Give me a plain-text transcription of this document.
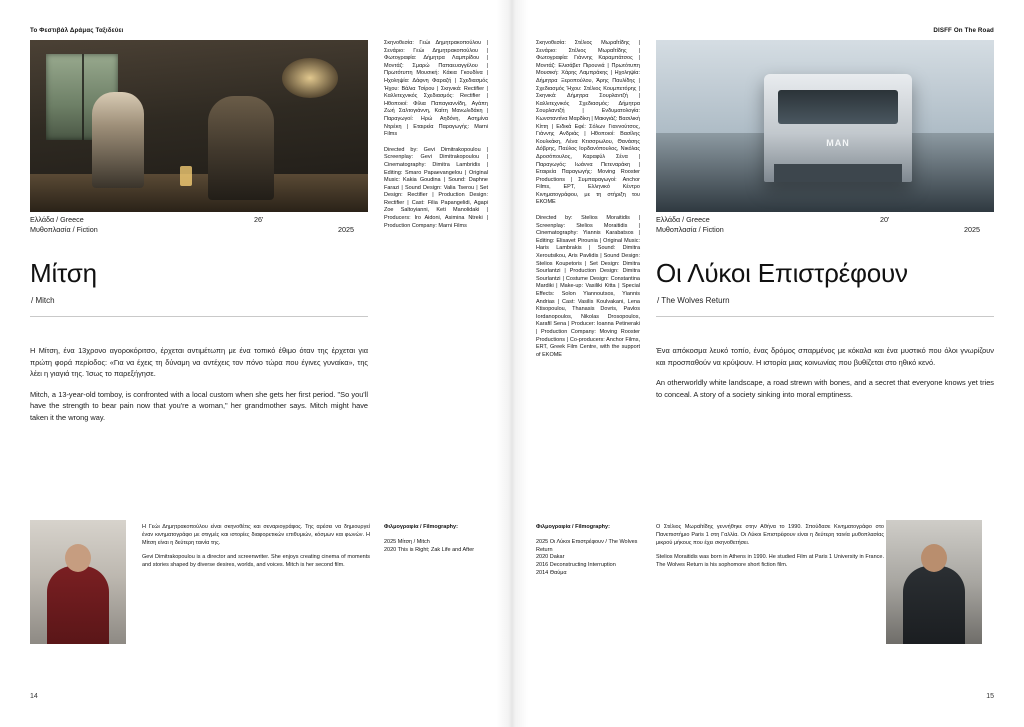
Το Φεστιβάλ Δράμας Ταξιδεύει
Ελλάδα / Greece
Μυθοπλασία / Fiction
26'
2025
Μίτση
/ Mitch

Η Μίτση, ένα 13χρονο αγοροκόριτσο, έρχεται αντιμέτωπη με ένα τοπικό έθιμο όταν της έρχεται για πρώτη φορά περίοδος: «Για να έχεις τη δύναμη να αντέχεις τον πόνο τώρα που έγινες γυναίκα», της λέει η γιαγιά της. Ίσως το παρεξήγησε.

Mitch, a 13-year-old tomboy, is confronted with a local custom when she gets her first period. "So you'll have the strength to bear pain now that you're a woman," her grandmother says. Mitch might have taken it the wrong way.

Σκηνοθεσία: Γεώι Δημητρακοπούλου | Σενάριο: Γεώι Δημητρακοπούλου | Φωτογραφία: Δήμητρα Λαμπρίδου | Μοντάζ: Σμαρώ Παπαευαγγέλου | Πρωτότυπη Μουσική: Κάκια Γκουδίνα | Ηχοληψία: Δάφνη Φαραζή | Σχεδιασμός Ήχου: Βάλια Τσίρου | Σκηνικά: Rectifier | Καλλιτεχνικός Σχεδιασμός: Rectifier | Ηθοποιοί: Φίλια Παπαγιαννίδη, Αγάπη Ζωή Σαλτογιάννη, Καίτη Μανωλιδάκη | Παραγωγοί: Ηρώ Αηδόνη, Ασημίνα Ντρέκη | Εταιρεία Παραγωγής: Marni Films

Directed by: Gevi Dimitrakopoulou | Screenplay: Gevi Dimitrakopoulou | Cinematography: Dimitra Lambridis | Editing: Smaro Papaevangelou | Original Music: Kakia Goudina | Sound: Daphne Farazi | Sound Design: Valia Tserou | Set Design: Rectifier | Production Design: Rectifier | Cast: Filia Papangelidi, Agapi Zoe Saltoyianni, Keti Manolidaki | Producers: Iro Aidoni, Asimina Ntreki | Production Company: Marni Films

Η Γεώι Δημητρακοπούλου είναι σκηνοθέτις και σεναριογράφος. Της αρέσει να δημιουργεί έναν κινηματογράφο με στιγμές και ιστορίες διαφορετικών επιθυμιών, κόσμων και φωνών. Η Μίτση είναι η δεύτερη ταινία της.

Gevi Dimitrakopoulou is a director and screenwriter. She enjoys creating cinema of moments and stories shaped by diverse desires, worlds, and voices. Mitch is her second film.

Φιλμογραφία / Filmography:
2025 Μίτση / Mitch
2020 This is Right; Zak Life and After
14
DISFF On The Road
MAN
Ελλάδα / Greece
Μυθοπλασία / Fiction
20'
2025
Οι Λύκοι Επιστρέφουν
/ The Wolves Return

Ένα απόκοσμα λευκό τοπίο, ένας δρόμος σπαρμένος με κόκαλα και ένα μυστικό που όλοι γνωρίζουν και προσπαθούν να κρύψουν. Η ιστορία μιας κοινωνίας που βυθίζεται στο ηθικό κενό.

An otherworldly white landscape, a road strewn with bones, and a secret that everyone knows yet tries to conceal. A story of a society sinking into moral emptiness.

Σκηνοθεσία: Στέλιος Μωραΐτίδης | Σενάριο: Στέλιος Μωραΐτίδης | Φωτογραφία: Γιάννης Καραμπάτσος | Μοντάζ: Ελισάβετ Πιρουνιά | Πρωτότυπη Μουσική: Χάρης Λαμπράκης | Ηχοληψία: Δήμητρα Ξεροπούλου, Άρης Παυλίδης | Σχεδιασμός Ήχου: Στέλιος Κουμπετόρης | Σκηνικά: Δήμητρα Σουρλαντζή | Καλλιτεχνικός Σχεδιασμός: Δήμητρα Σουρλαντζή | Ενδυματολογία: Κωνσταντίνα Μαρδίκη | Μακιγιάζ: Βασιλική Κίττη | Ειδικά Εφέ: Σόλων Γιαννούτσος, Γιάννης Ανδριάς | Ηθοποιοί: Βασίλης Κουλκάκη, Λένα Κτισσρωλου, Θανάσης Δόβρης, Παύλος Ιορδανόπουλος, Νικόλας Δροσόπουλος, Καραφύλ Σένα | Παραγωγός: Ιωάννα Πετεναράκη | Εταιρεία Παραγωγής: Moving Rooster Productions | Συμπαραγωγοί: Anchor Films, ΕΡΤ, Ελληνικό Κέντρο Κινηματογράφου, με τη στήριξη του ΕΚΟΜΕ

Directed by: Stelios Moraitidis | Screenplay: Stelios Moraitidis | Cinematography: Yiannis Karabatsos | Editing: Elisavet Pirounia | Original Music: Haris Lambrakis | Sound: Dimitra Xeroutsikou, Aris Pavlidis | Sound Design: Stelios Koupetoris | Set Design: Dimitra Sourlantzi | Production Design: Dimitra Sourlantzi | Costume Design: Constantina Mardiki | Make-up: Vasiliki Kitta | Special Effects: Solon Yiannoutsos, Yiannis Andrias | Cast: Vasilis Koulvakani, Lena Ktisopoulou, Thanasis Dovris, Pavlos Iordanopoulos, Nikolas Drosopoulos, Karafil Sena | Producer: Ioanna Petineraki | Production Company: Moving Rooster Productions | Co-producers: Anchor Films, ERT, Greek Film Centre, with the support of EKOME

Φιλμογραφία / Filmography:
2025 Οι Λύκοι Επιστρέφουν / The Wolves Return
2020 Dakar
2016 Deconstructing Interruption
2014 Θαύμα

Ο Στέλιος Μωραΐτίδης γεννήθηκε στην Αθήνα το 1990. Σπούδασε Κινηματογράφο στο Πανεπιστήμιο Paris 1 στη Γαλλία. Οι Λύκοι Επιστρέφουν είναι η δεύτερη ταινία μυθοπλασίας μικρού μήκους που έχει σκηνοθετήσει.

Stelios Moraitidis was born in Athens in 1990. He studied Film at Paris 1 University in France. The Wolves Return is his sophomore short fiction film.

15
